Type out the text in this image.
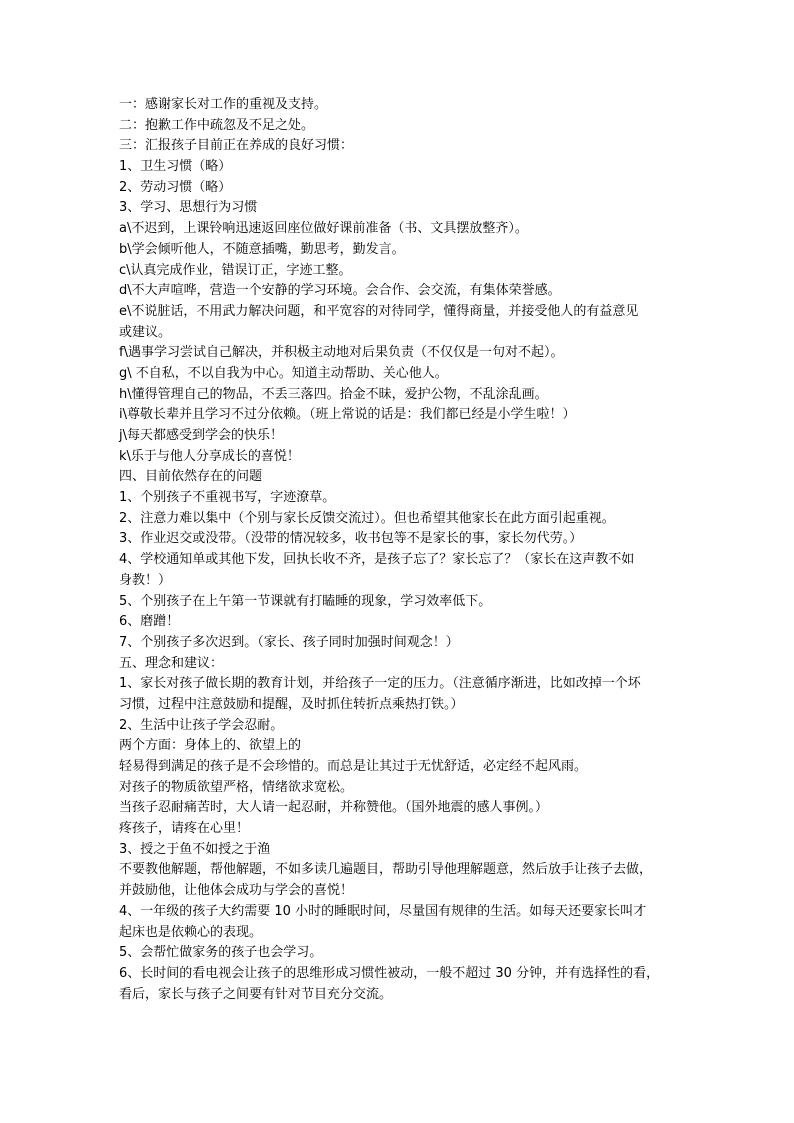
一：感谢家长对工作的重视及支持。
二：抱歉工作中疏忽及不足之处。
三：汇报孩子目前正在养成的良好习惯：
1、卫生习惯（略）
2、劳动习惯（略）
3、学习、思想行为习惯
a\不迟到，上课铃响迅速返回座位做好课前准备（书、文具摆放整齐）。
b\学会倾听他人，不随意插嘴，勤思考，勤发言。
c\认真完成作业，错误订正，字迹工整。
d\不大声喧哗，营造一个安静的学习环境。会合作、会交流，有集体荣誉感。
e\不说脏话，不用武力解决问题，和平宽容的对待同学，懂得商量，并接受他人的有益意见
或建议。
f\遇事学习尝试自己解决，并积极主动地对后果负责（不仅仅是一句对不起）。
g\ 不自私，不以自我为中心。知道主动帮助、关心他人。
h\懂得管理自己的物品，不丢三落四。拾金不昧，爱护公物，不乱涂乱画。
i\尊敬长辈并且学习不过分依赖。（班上常说的话是：我们都已经是小学生啦！）
j\每天都感受到学会的快乐！
k\乐于与他人分享成长的喜悦！
四、目前依然存在的问题
1、个别孩子不重视书写，字迹潦草。
2、注意力难以集中（个别与家长反馈交流过）。但也希望其他家长在此方面引起重视。
3、作业迟交或没带。（没带的情况较多，收书包等不是家长的事，家长勿代劳。）
4、学校通知单或其他下发，回执长收不齐，是孩子忘了？家长忘了？（家长在这声教不如
身教！）
5、个别孩子在上午第一节课就有打瞌睡的现象，学习效率低下。
6、磨蹭！
7、个别孩子多次迟到。（家长、孩子同时加强时间观念！）
五、理念和建议：
1、家长对孩子做长期的教育计划，并给孩子一定的压力。（注意循序渐进，比如改掉一个坏
习惯，过程中注意鼓励和提醒，及时抓住转折点乘热打铁。）
2、生活中让孩子学会忍耐。
两个方面：身体上的、欲望上的
轻易得到满足的孩子是不会珍惜的。而总是让其过于无忧舒适，必定经不起风雨。
对孩子的物质欲望严格，情绪欲求宽松。
当孩子忍耐痛苦时，大人请一起忍耐，并称赞他。（国外地震的感人事例。）
疼孩子，请疼在心里！
3、授之于鱼不如授之于渔
不要教他解题，帮他解题，不如多读几遍题目，帮助引导他理解题意，然后放手让孩子去做，
并鼓励他，让他体会成功与学会的喜悦！
4、一年级的孩子大约需要 10 小时的睡眠时间，尽量国有规律的生活。如每天还要家长叫才
起床也是依赖心的表现。
5、会帮忙做家务的孩子也会学习。
6、长时间的看电视会让孩子的思维形成习惯性被动，一般不超过 30 分钟，并有选择性的看，
看后，家长与孩子之间要有针对节目充分交流。
